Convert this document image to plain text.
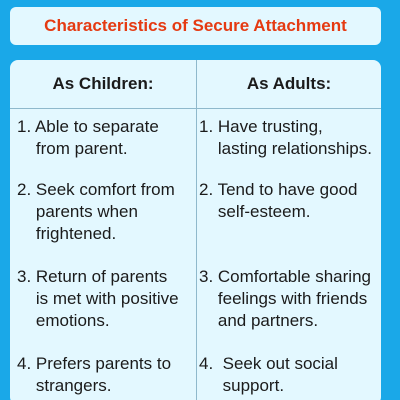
Characteristics of Secure Attachment
As Children:	As Adults:
1. Able to separate
from parent.
2. Seek comfort from
parents when
frightened.
3. Return of parents
is met with positive
emotions.
4. Prefers parents to
strangers.
1. Have trusting,
lasting relationships.
2. Tend to have good
self-esteem.
3. Comfortable sharing
feelings with friends
and partners.
4.  Seek out social
support.
